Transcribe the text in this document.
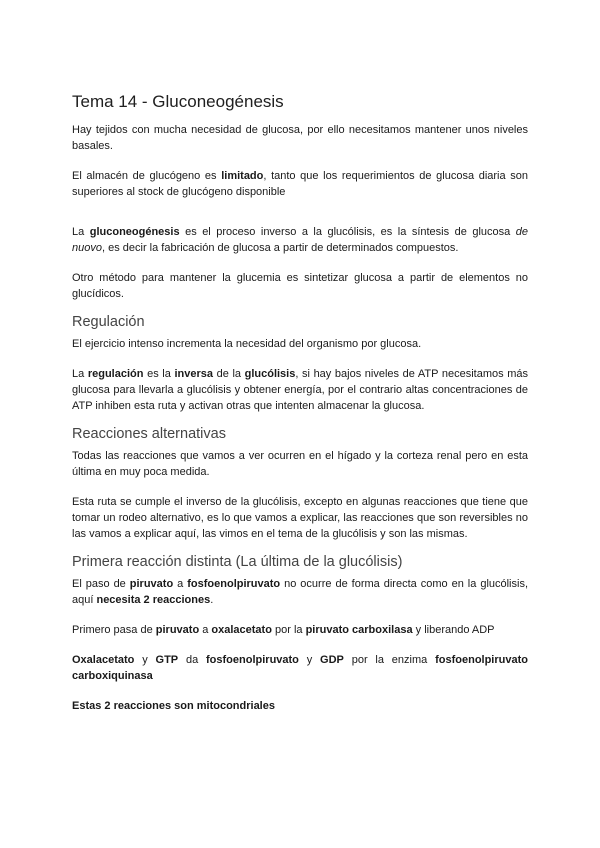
Tema 14 - Gluconeogénesis

Hay tejidos con mucha necesidad de glucosa, por ello necesitamos mantener unos niveles basales.

El almacén de glucógeno es limitado, tanto que los requerimientos de glucosa diaria son superiores al stock de glucógeno disponible

La gluconeogénesis es el proceso inverso a la glucólisis, es la síntesis de glucosa de nuovo, es decir la fabricación de glucosa a partir de determinados compuestos.

Otro método para mantener la glucemia es sintetizar glucosa a partir de elementos no glucídicos.

Regulación

El ejercicio intenso incrementa la necesidad del organismo por glucosa.

La regulación es la inversa de la glucólisis, si hay bajos niveles de ATP necesitamos más glucosa para llevarla a glucólisis y obtener energía, por el contrario altas concentraciones de ATP inhiben esta ruta y activan otras que intenten almacenar la glucosa.

Reacciones alternativas

Todas las reacciones que vamos a ver ocurren en el hígado y la corteza renal pero en esta última en muy poca medida.

Esta ruta se cumple el inverso de la glucólisis, excepto en algunas reacciones que tiene que tomar un rodeo alternativo, es lo que vamos a explicar, las reacciones que son reversibles no las vamos a explicar aquí, las vimos en el tema de la glucólisis y son las mismas.

Primera reacción distinta (La última de la glucólisis)

El paso de piruvato a fosfoenolpiruvato no ocurre de forma directa como en la glucólisis, aquí necesita 2 reacciones.

Primero pasa de piruvato a oxalacetato por la piruvato carboxilasa y liberando ADP

Oxalacetato y GTP da fosfoenolpiruvato y GDP por la enzima fosfoenolpiruvato carboxiquinasa

Estas 2 reacciones son mitocondriales
